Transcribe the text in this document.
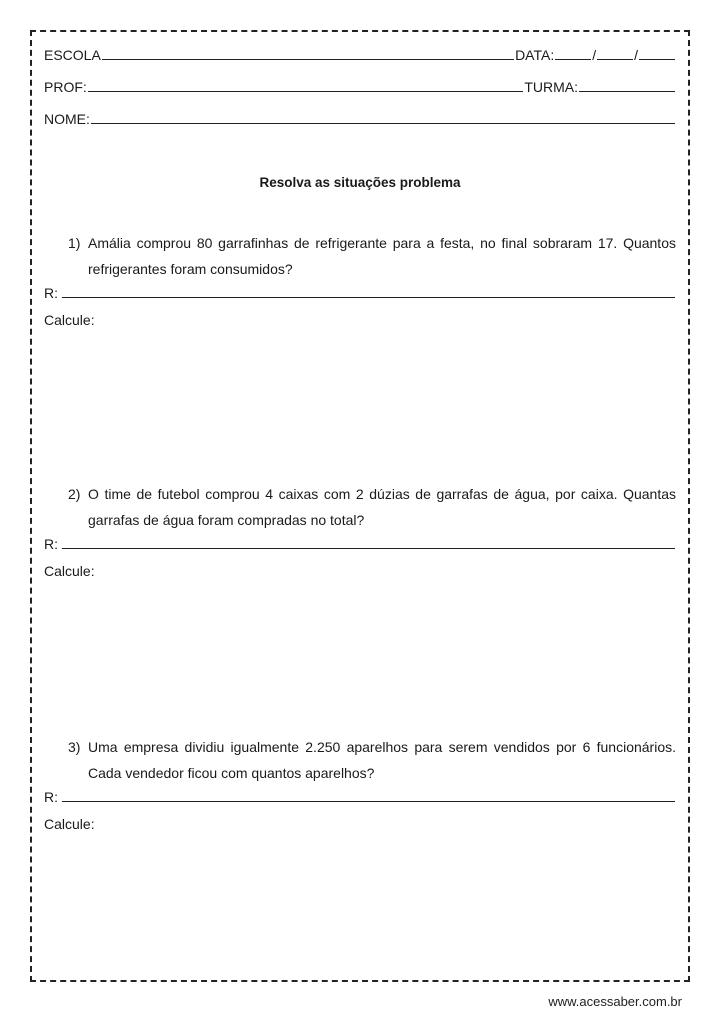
ESCOLA	DATA:	/	/
PROF:	TURMA:
NOME:
Resolva as situações problema
1) Amália comprou 80 garrafinhas de refrigerante para a festa, no final sobraram 17. Quantos refrigerantes foram consumidos?
R:
Calcule:
2) O time de futebol comprou 4 caixas com 2 dúzias de garrafas de água, por caixa. Quantas garrafas de água foram compradas no total?
R:
Calcule:
3) Uma empresa dividiu igualmente 2.250 aparelhos para serem vendidos por 6 funcionários. Cada vendedor ficou com quantos aparelhos?
R:
Calcule:
www.acessaber.com.br
